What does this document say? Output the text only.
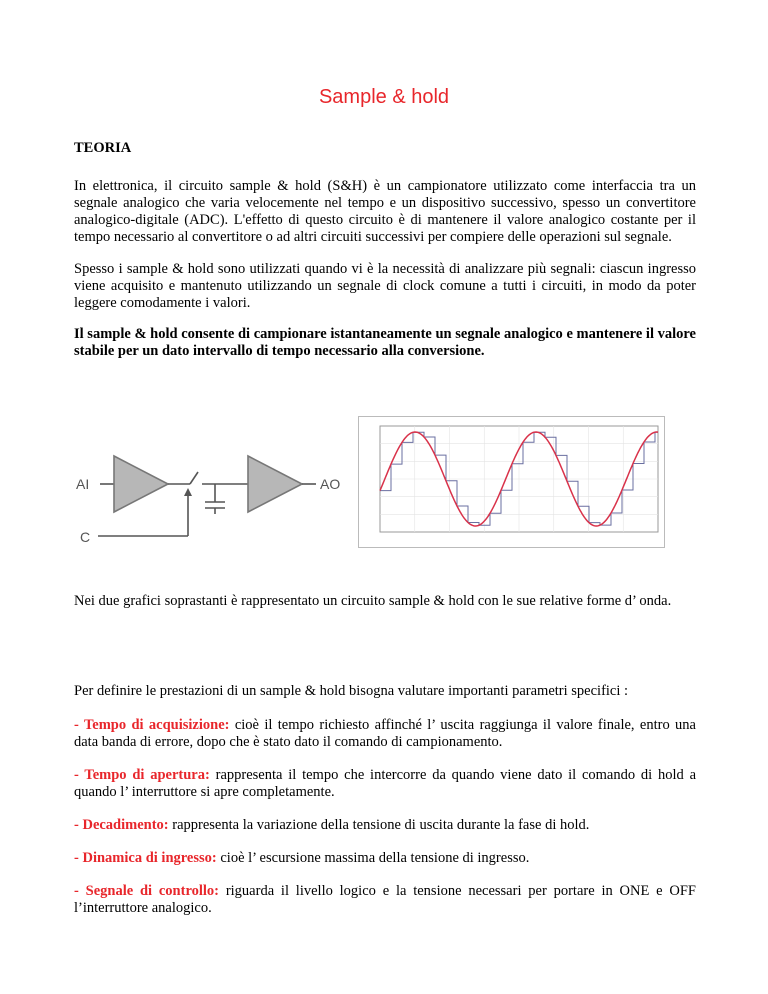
Sample & hold
TEORIA

In elettronica, il circuito sample & hold (S&H) è un campionatore utilizzato come interfaccia tra un segnale analogico che varia velocemente nel tempo e un dispositivo successivo, spesso un convertitore analogico-digitale (ADC). L'effetto di questo circuito è di mantenere il valore analogico costante per il tempo necessario al convertitore o ad altri circuiti successivi per compiere delle operazioni sul segnale.

Spesso i sample & hold sono utilizzati quando vi è la necessità di analizzare più segnali: ciascun ingresso viene acquisito e mantenuto utilizzando un segnale di clock comune a tutti i circuiti, in modo da poter leggere comodamente i valori.

Il sample & hold consente di campionare istantaneamente un segnale analogico e mantenere il valore stabile per un dato intervallo di tempo necessario alla conversione.

AI	AO
C

Nei due grafici soprastanti è rappresentato un circuito sample & hold con le sue relative forme d’ onda.

Per definire le prestazioni di un sample & hold bisogna valutare importanti parametri specifici :

- Tempo di acquisizione: cioè il tempo richiesto affinché l’ uscita raggiunga il valore finale, entro una data banda di errore, dopo che è stato dato il comando di campionamento.

- Tempo di apertura: rappresenta il tempo che intercorre da quando viene dato il comando di hold a quando l’ interruttore si apre completamente.

- Decadimento: rappresenta la variazione della tensione di uscita durante la fase di hold.

- Dinamica di ingresso: cioè l’ escursione massima della tensione di ingresso.

- Segnale di controllo: riguarda il livello logico e la tensione necessari per portare in ONE e OFF l’interruttore analogico.
